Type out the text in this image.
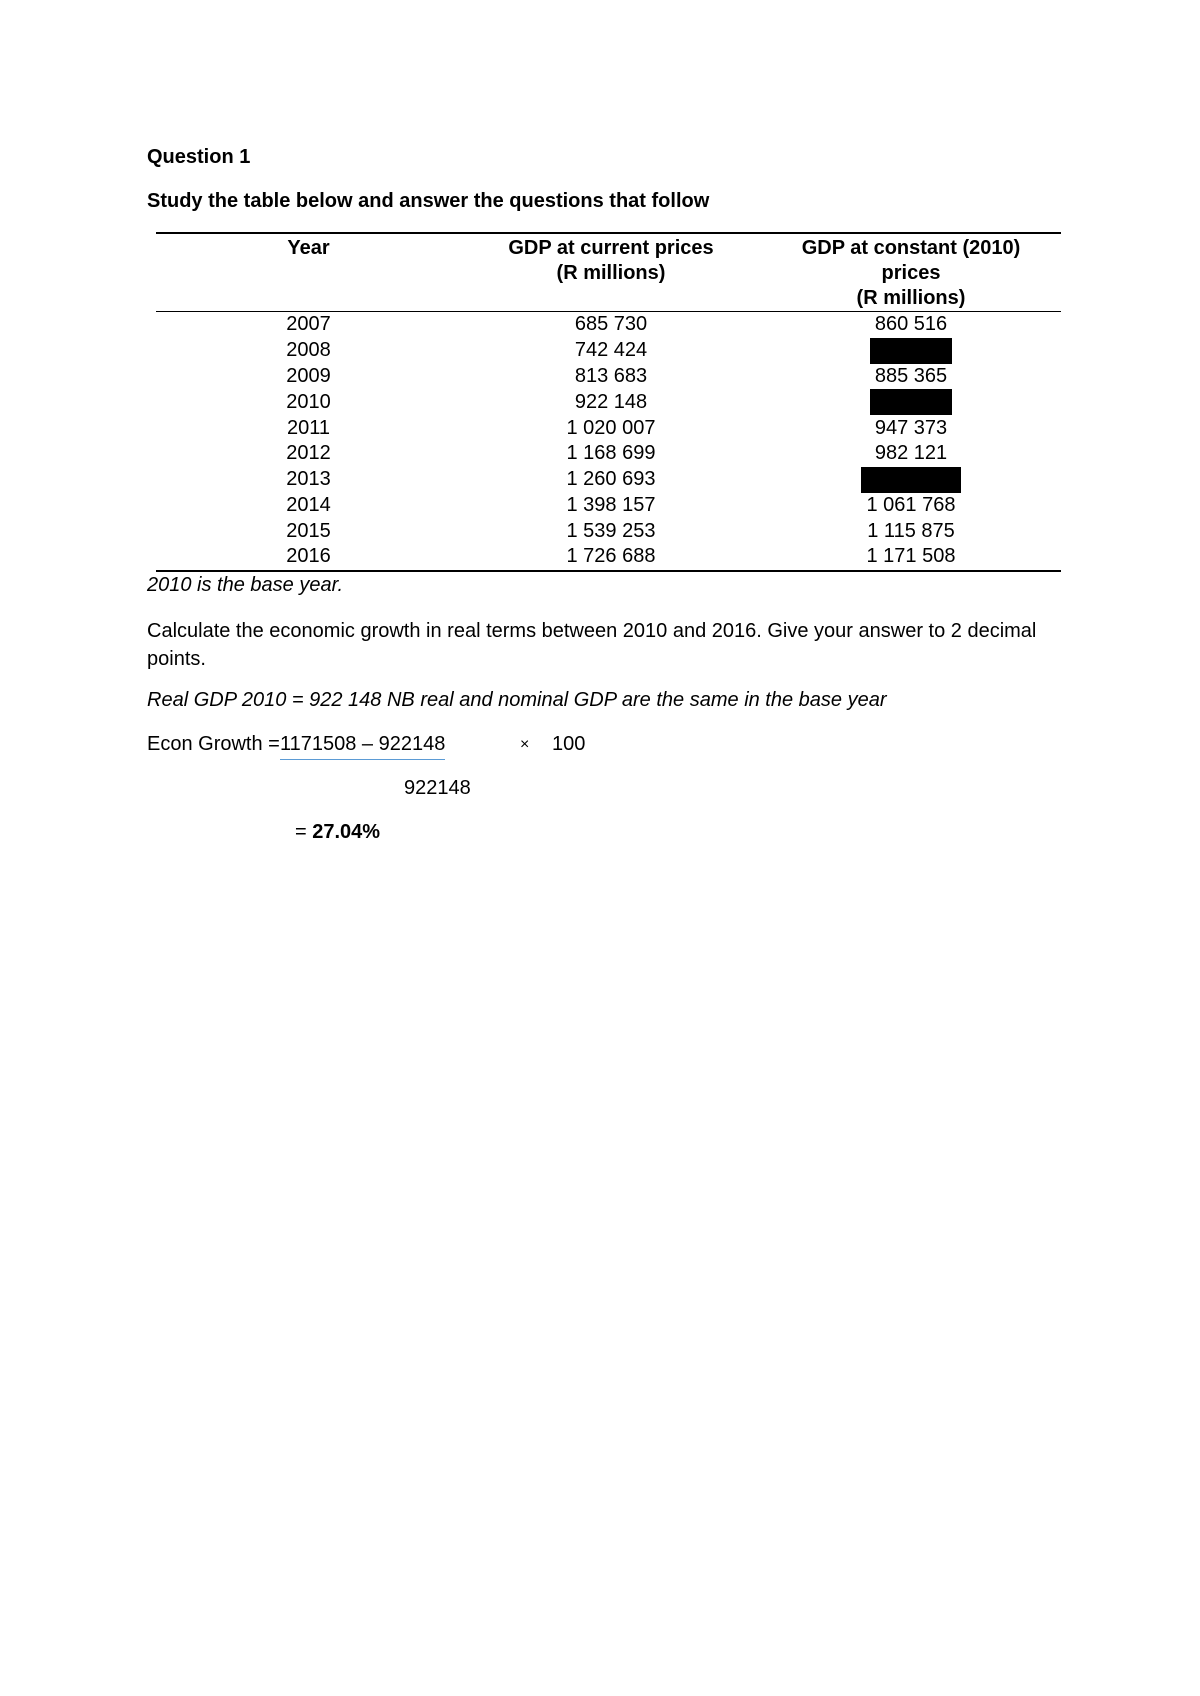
Question 1
Study the table below and answer the questions that follow
Year	GDP at current prices
(R millions)	GDP at constant (2010)
prices
(R millions)
2007	685 730	860 516
2008	742 424	
2009	813 683	885 365
2010	922 148	
2011	1 020 007	947 373
2012	1 168 699	982 121
2013	1 260 693	
2014	1 398 157	1 061 768
2015	1 539 253	1 115 875
2016	1 726 688	1 171 508
2010 is the base year.
Calculate the economic growth in real terms between 2010 and 2016. Give your answer to 2 decimal points.
Real GDP 2010 = 922 148 NB real and nominal GDP are the same in the base year
Econ Growth = 1171508 – 922148	× 100
922148
= 27.04%
